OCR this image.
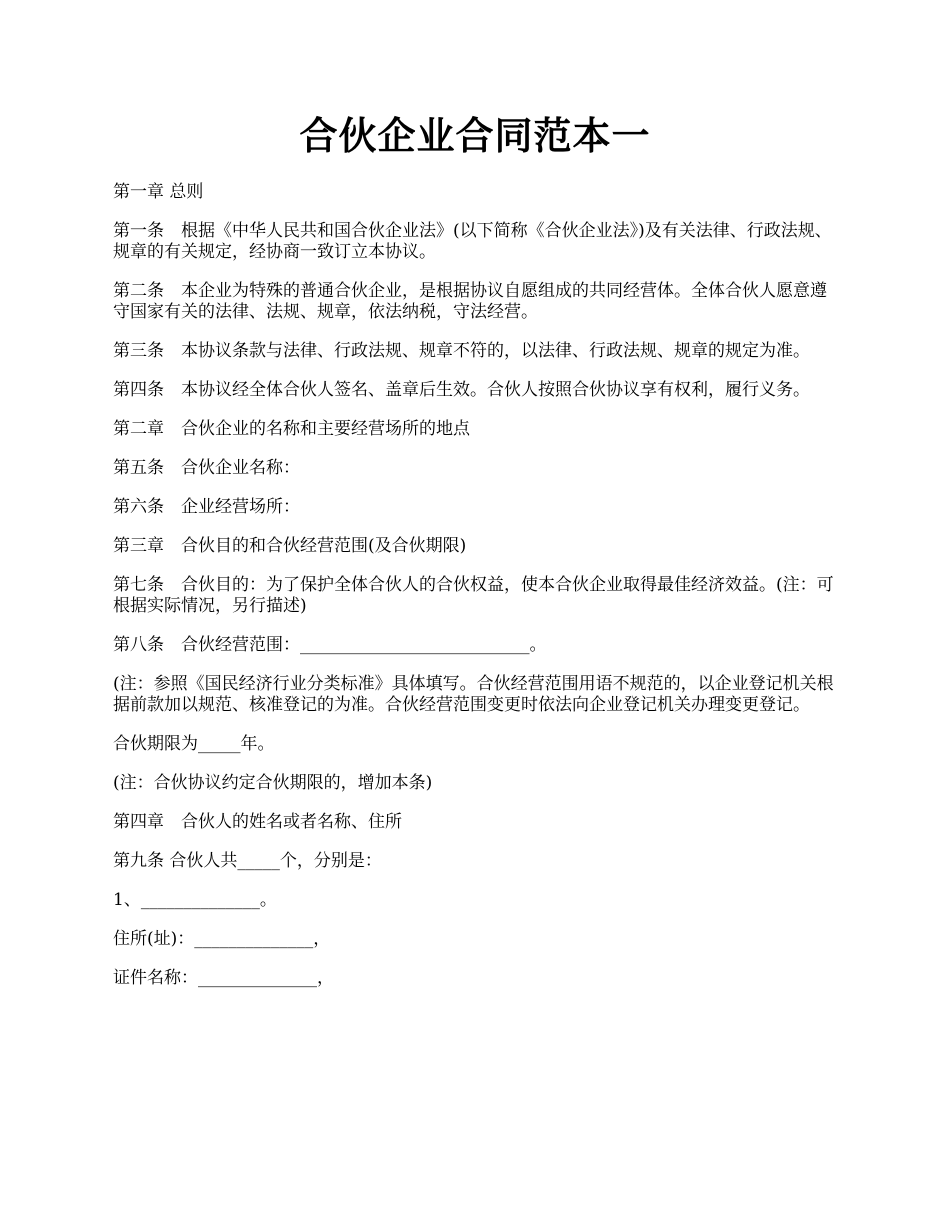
合伙企业合同范本一

第一章 总则

第一条　根据《中华人民共和国合伙企业法》(以下简称《合伙企业法》)及有关法律、行政法规、规章的有关规定，经协商一致订立本协议。

第二条　本企业为特殊的普通合伙企业，是根据协议自愿组成的共同经营体。全体合伙人愿意遵守国家有关的法律、法规、规章，依法纳税，守法经营。

第三条　本协议条款与法律、行政法规、规章不符的，以法律、行政法规、规章的规定为准。

第四条　本协议经全体合伙人签名、盖章后生效。合伙人按照合伙协议享有权利，履行义务。

第二章　合伙企业的名称和主要经营场所的地点

第五条　合伙企业名称：

第六条　企业经营场所：

第三章　合伙目的和合伙经营范围(及合伙期限)

第七条　合伙目的：为了保护全体合伙人的合伙权益，使本合伙企业取得最佳经济效益。(注：可根据实际情况，另行描述)

第八条　合伙经营范围：___________________________。

(注：参照《国民经济行业分类标准》具体填写。合伙经营范围用语不规范的，以企业登记机关根据前款加以规范、核准登记的为准。合伙经营范围变更时依法向企业登记机关办理变更登记。

合伙期限为_____年。

(注：合伙协议约定合伙期限的，增加本条)

第四章　合伙人的姓名或者名称、住所

第九条 合伙人共_____个，分别是：

1、______________。

住所(址)：______________，

证件名称：______________，
